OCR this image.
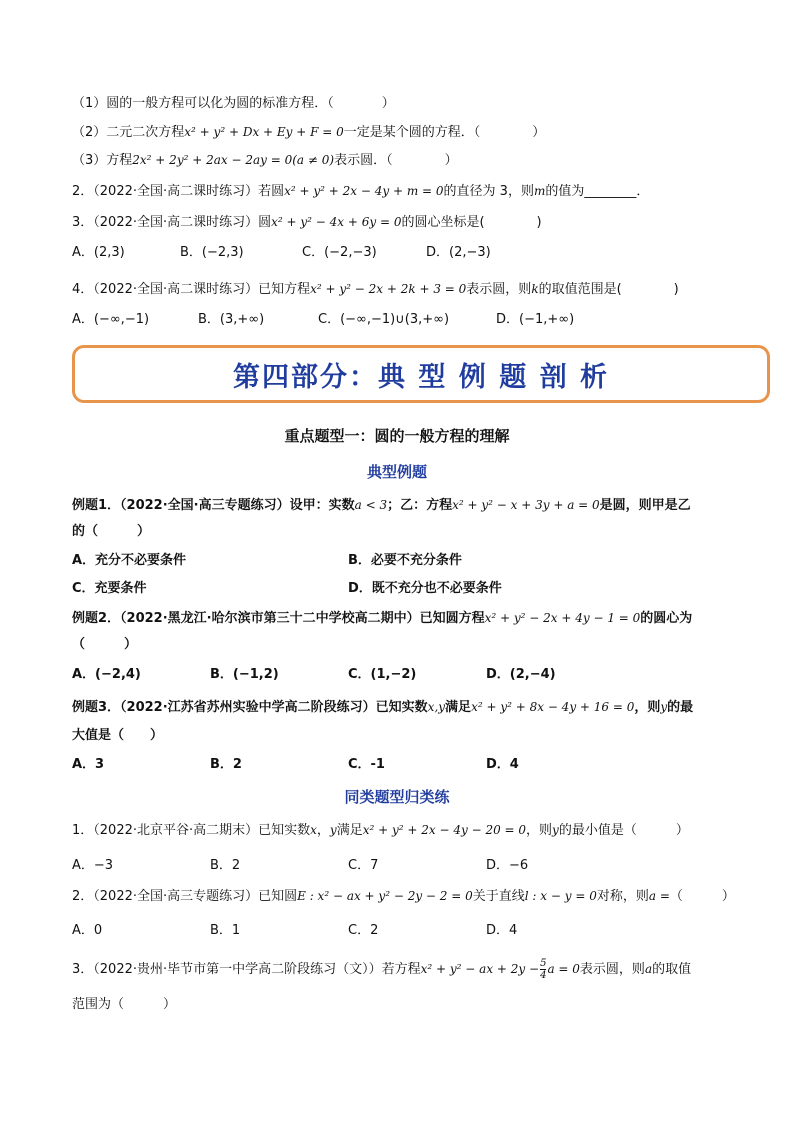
（1）圆的一般方程可以化为圆的标准方程．（	）
（2）二元二次方程x² + y² + Dx + Ey + F = 0一定是某个圆的方程．（　　　　）
（3）方程2x² + 2y² + 2ax − 2ay = 0(a ≠ 0)表示圆．（　　　　）
2．（2022·全国·高二课时练习）若圆x² + y² + 2x − 4y + m = 0的直径为 3，则m的值为________．
3．（2022·全国·高二课时练习）圆x² + y² − 4x + 6y = 0的圆心坐标是(　　　　)
A．(2,3)	B．(−2,3)	C．(−2,−3)	D．(2,−3)
4．（2022·全国·高二课时练习）已知方程x² + y² − 2x + 2k + 3 = 0表示圆，则k的取值范围是(　　　　)
A．(−∞,−1)	B．(3,+∞)	C．(−∞,−1)∪(3,+∞)	D．(−1,+∞)
第四部分：典 型 例 题 剖 析
重点题型一：圆的一般方程的理解
典型例题
例题1．（2022·全国·高三专题练习）设甲：实数a < 3；乙：方程x² + y² − x + 3y + a = 0是圆，则甲是乙
的（　　　）
A．充分不必要条件	B．必要不充分条件
C．充要条件	D．既不充分也不必要条件
例题2．（2022·黑龙江·哈尔滨市第三十二中学校高二期中）已知圆方程x² + y² − 2x + 4y − 1 = 0的圆心为
（　　　）
A．(−2,4)	B．(−1,2)	C．(1,−2)	D．(2,−4)
例题3．（2022·江苏省苏州实验中学高二阶段练习）已知实数x,y满足x² + y² + 8x − 4y + 16 = 0，则y的最
大值是（　　）
A．3	B．2	C．-1	D．4
同类题型归类练
1．（2022·北京平谷·高二期末）已知实数x，y满足x² + y² + 2x − 4y − 20 = 0，则y的最小值是（　　　）
A．−3	B．2	C．7	D．−6
2．（2022·全国·高三专题练习）已知圆E : x² − ax + y² − 2y − 2 = 0关于直线l : x − y = 0对称，则a =（　　　）
A．0	B．1	C．2	D．4
3．（2022·贵州·毕节市第一中学高二阶段练习（文））若方程x² + y² − ax + $2y - \frac{5}{4}$ a = 0表示圆，则a的取值
范围为（　　　）
